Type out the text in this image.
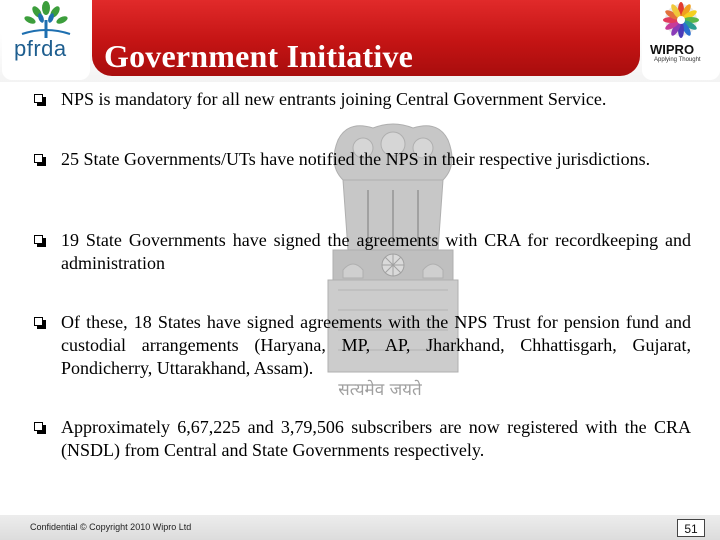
pfrda Government Initiative	WIPRO
Applying Thought
सत्यमेव जयते
NPS is mandatory for all new entrants joining Central Government Service.
25 State Governments/UTs have notified the NPS in their respective jurisdictions.
19 State Governments have signed the agreements with CRA for recordkeeping and administration
Of these, 18 States have signed agreements with the NPS Trust for pension fund and custodial arrangements (Haryana, MP, AP, Jharkhand, Chhattisgarh, Gujarat, Pondicherry, Uttarakhand, Assam).
Approximately 6,67,225 and 3,79,506 subscribers are now registered with the CRA (NSDL) from Central and State Governments respectively.
Confidential © Copyright 2010 Wipro Ltd	51
